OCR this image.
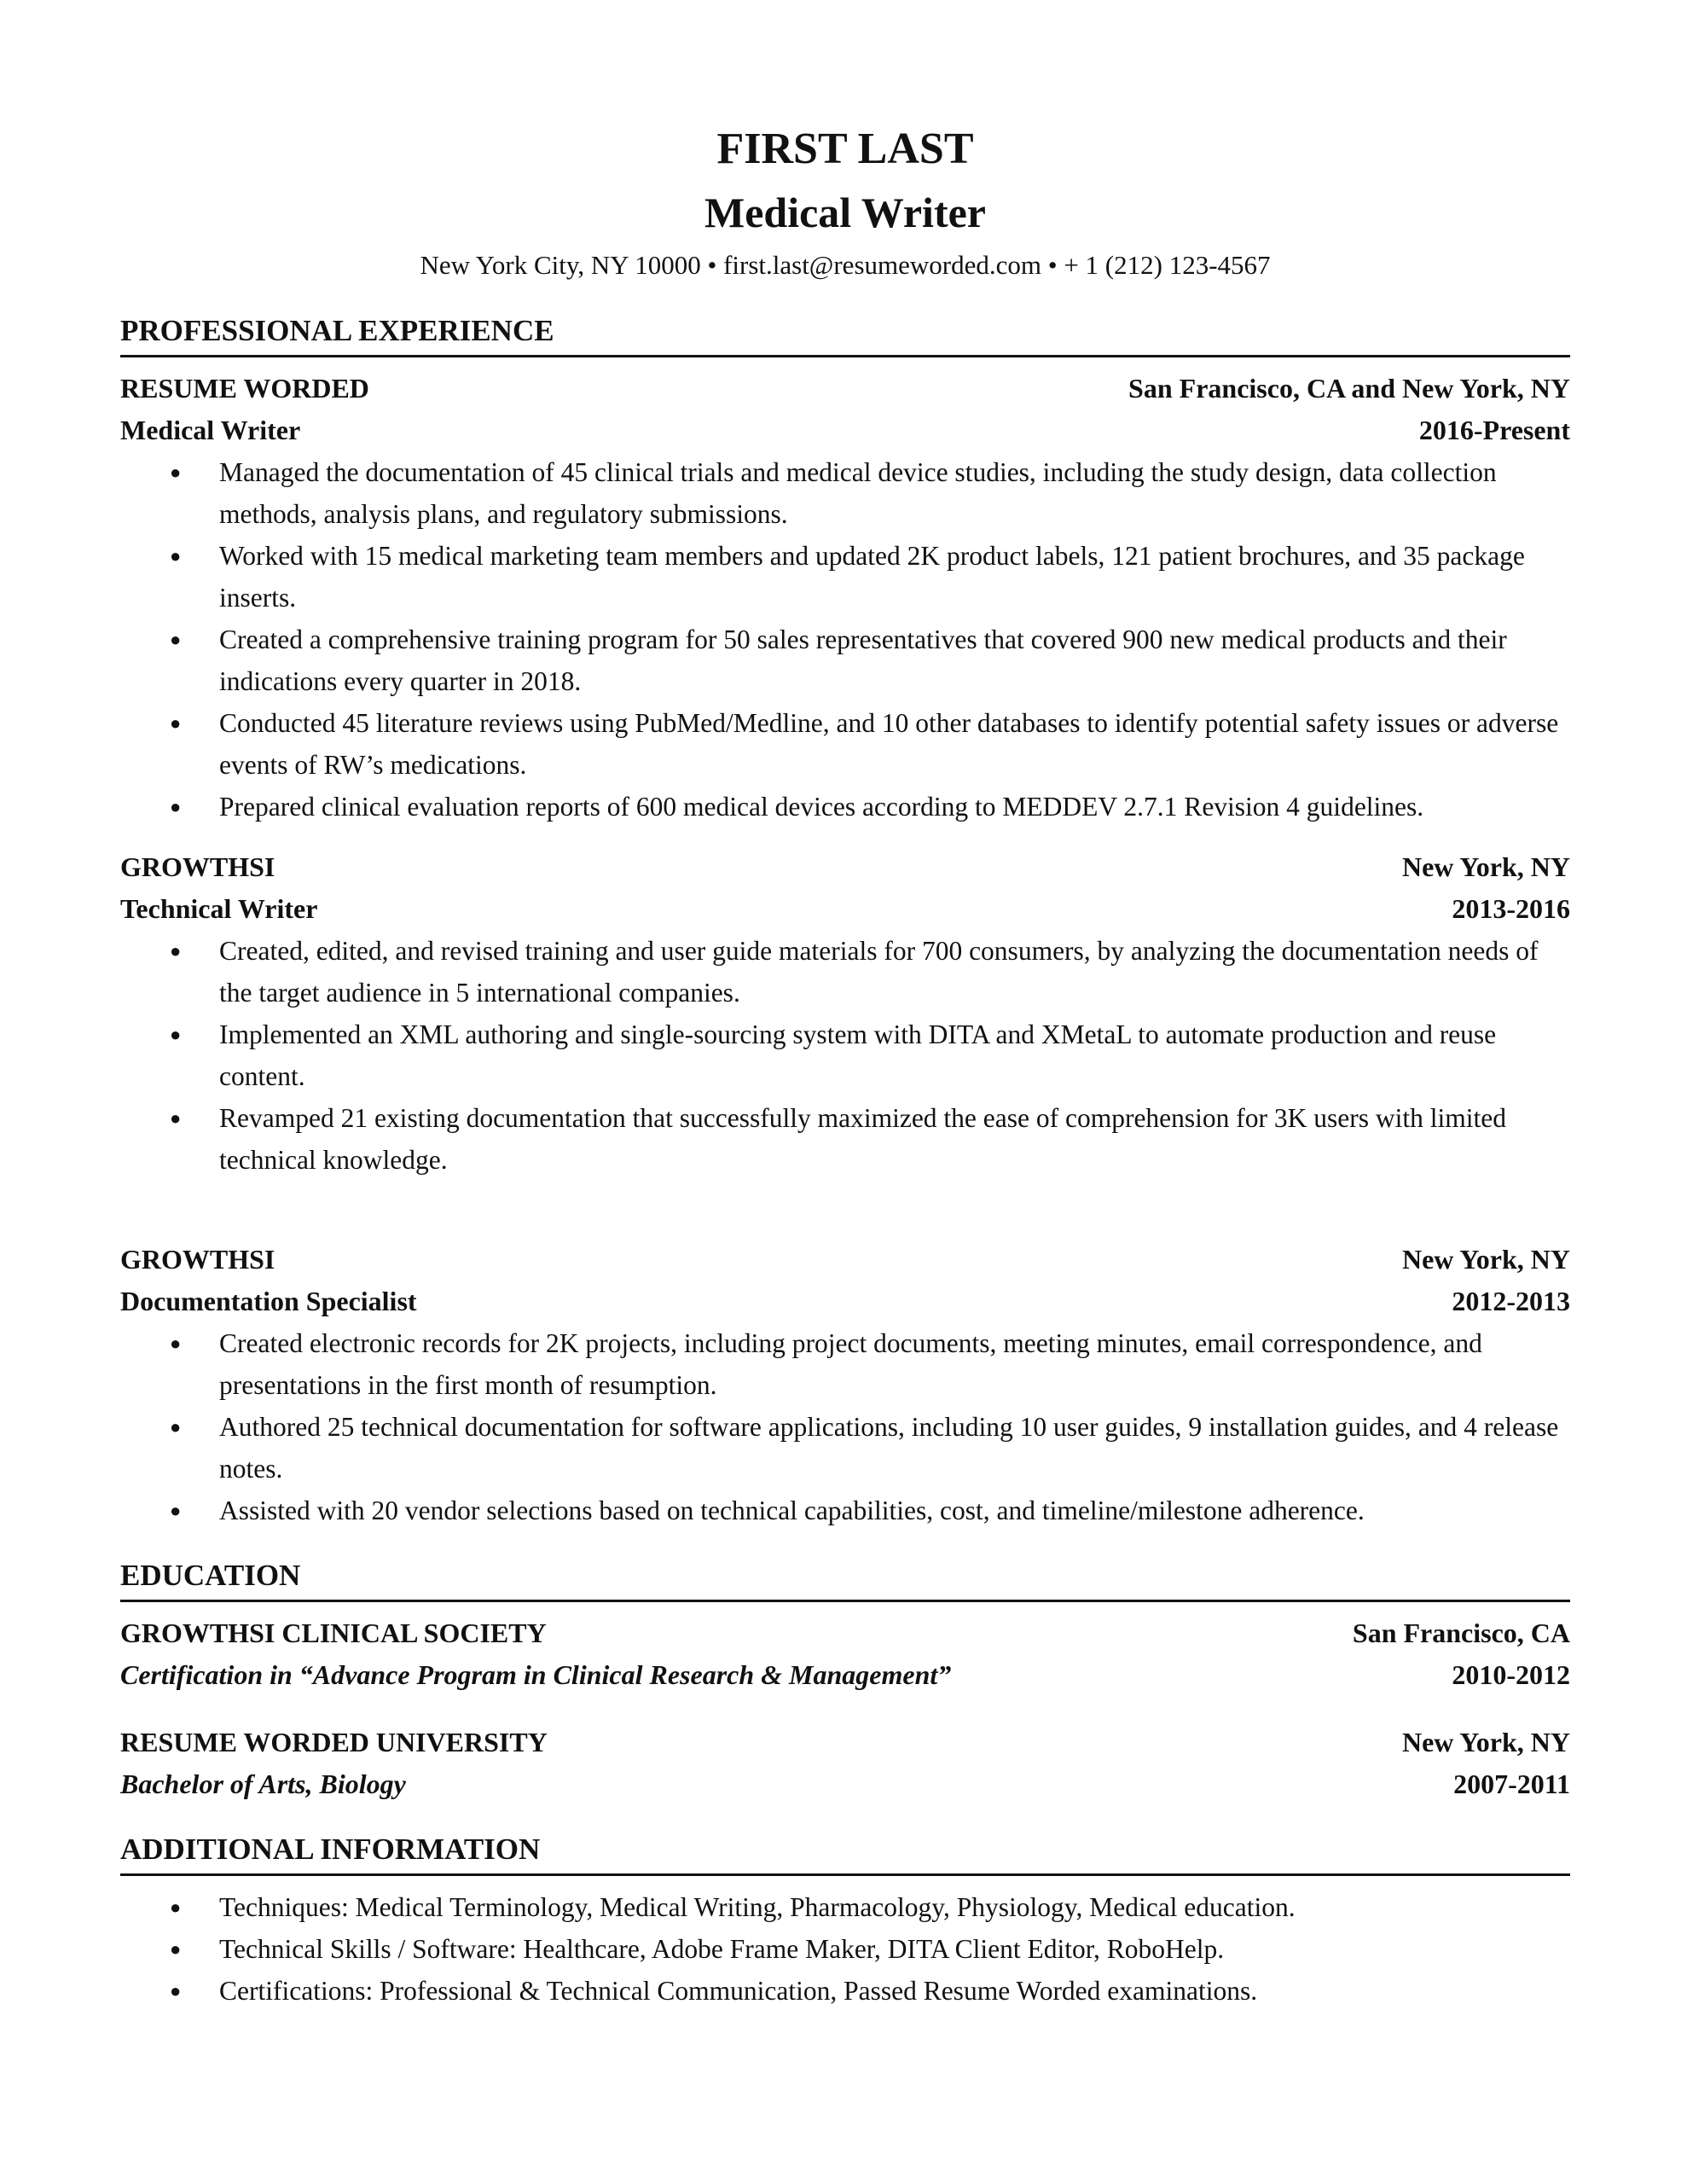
FIRST LAST
Medical Writer
New York City, NY 10000 • first.last@resumeworded.com • + 1 (212) 123-4567
PROFESSIONAL EXPERIENCE
RESUME WORDED	San Francisco, CA and New York, NY
Medical Writer	2016-Present
● Managed the documentation of 45 clinical trials and medical device studies, including the study design, data collection methods, analysis plans, and regulatory submissions.
● Worked with 15 medical marketing team members and updated 2K product labels, 121 patient brochures, and 35 package inserts.
● Created a comprehensive training program for 50 sales representatives that covered 900 new medical products and their indications every quarter in 2018.
● Conducted 45 literature reviews using PubMed/Medline, and 10 other databases to identify potential safety issues or adverse events of RW’s medications.
● Prepared clinical evaluation reports of 600 medical devices according to MEDDEV 2.7.1 Revision 4 guidelines.
GROWTHSI	New York, NY
Technical Writer	2013-2016
● Created, edited, and revised training and user guide materials for 700 consumers, by analyzing the documentation needs of the target audience in 5 international companies.
● Implemented an XML authoring and single-sourcing system with DITA and XMetaL to automate production and reuse content.
● Revamped 21 existing documentation that successfully maximized the ease of comprehension for 3K users with limited technical knowledge.
GROWTHSI	New York, NY
Documentation Specialist	2012-2013
● Created electronic records for 2K projects, including project documents, meeting minutes, email correspondence, and presentations in the first month of resumption.
● Authored 25 technical documentation for software applications, including 10 user guides, 9 installation guides, and 4 release notes.
● Assisted with 20 vendor selections based on technical capabilities, cost, and timeline/milestone adherence.
EDUCATION
GROWTHSI CLINICAL SOCIETY	San Francisco, CA
Certification in “Advance Program in Clinical Research & Management”	2010-2012
RESUME WORDED UNIVERSITY	New York, NY
Bachelor of Arts, Biology	2007-2011
ADDITIONAL INFORMATION
● Techniques: Medical Terminology, Medical Writing, Pharmacology, Physiology, Medical education.
● Technical Skills / Software: Healthcare, Adobe Frame Maker, DITA Client Editor, RoboHelp.
● Certifications: Professional & Technical Communication, Passed Resume Worded examinations.
